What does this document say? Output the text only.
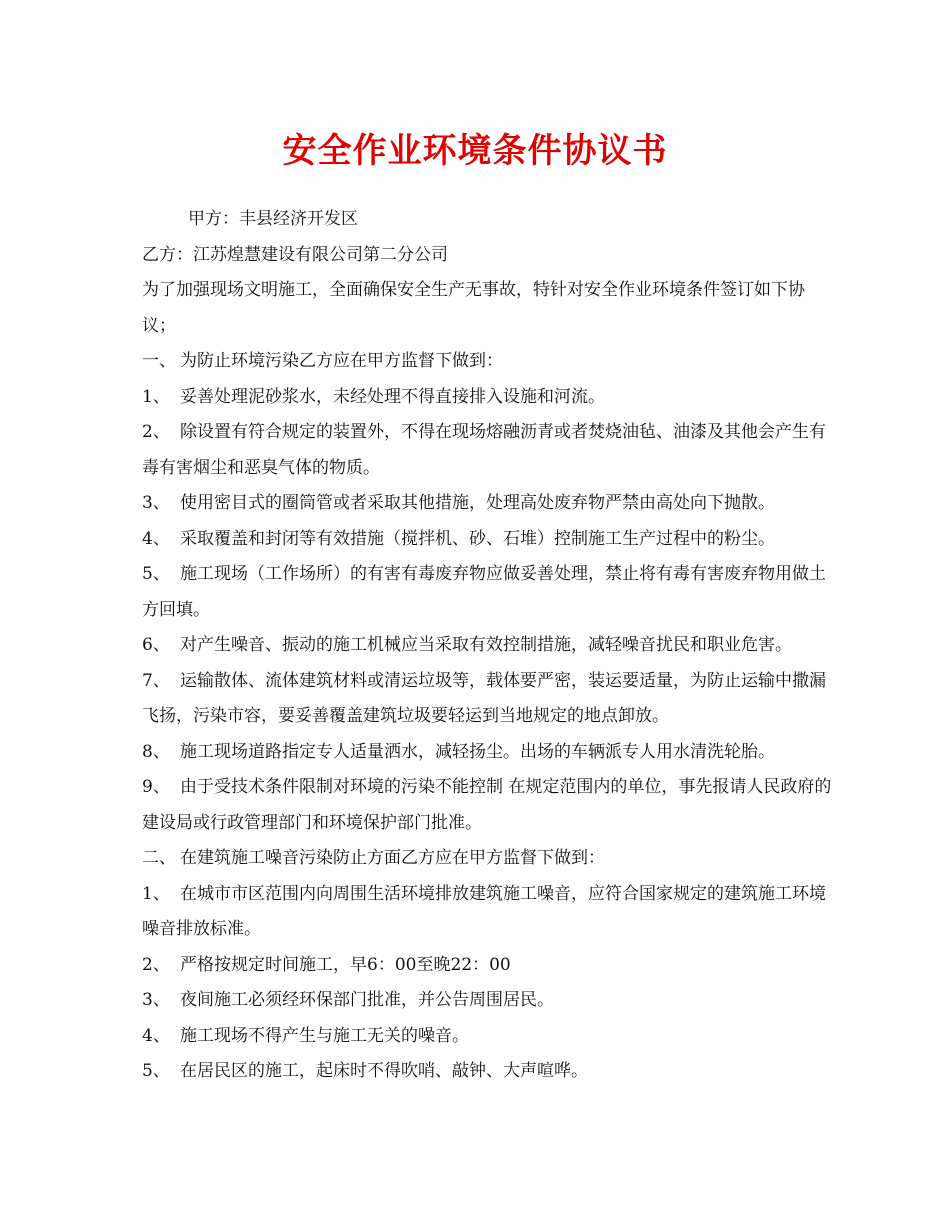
安全作业环境条件协议书

甲方：丰县经济开发区

乙方：江苏煌慧建设有限公司第二分公司

为了加强现场文明施工，全面确保安全生产无事故，特针对安全作业环境条件签订如下协议；

一、 为防止环境污染乙方应在甲方监督下做到：

1、 妥善处理泥砂浆水，未经处理不得直接排入设施和河流。

2、 除设置有符合规定的装置外，不得在现场熔融沥青或者焚烧油毡、油漆及其他会产生有毒有害烟尘和恶臭气体的物质。

3、 使用密目式的圈筒管或者采取其他措施，处理高处废弃物严禁由高处向下抛散。

4、 采取覆盖和封闭等有效措施（搅拌机、砂、石堆）控制施工生产过程中的粉尘。

5、 施工现场（工作场所）的有害有毒废弃物应做妥善处理，禁止将有毒有害废弃物用做土方回填。

6、 对产生噪音、振动的施工机械应当采取有效控制措施，减轻噪音扰民和职业危害。

7、 运输散体、流体建筑材料或清运垃圾等，载体要严密，装运要适量，为防止运输中撒漏飞扬，污染市容，要妥善覆盖建筑垃圾要轻运到当地规定的地点卸放。

8、 施工现场道路指定专人适量洒水，减轻扬尘。出场的车辆派专人用水清洗轮胎。

9、 由于受技术条件限制对环境的污染不能控制 在规定范围内的单位，事先报请人民政府的建设局或行政管理部门和环境保护部门批准。

二、 在建筑施工噪音污染防止方面乙方应在甲方监督下做到：

1、 在城市市区范围内向周围生活环境排放建筑施工噪音，应符合国家规定的建筑施工环境噪音排放标准。

2、 严格按规定时间施工，早6：00至晚22：00

3、 夜间施工必须经环保部门批准，并公告周围居民。

4、 施工现场不得产生与施工无关的噪音。

5、 在居民区的施工，起床时不得吹哨、敲钟、大声喧哗。
